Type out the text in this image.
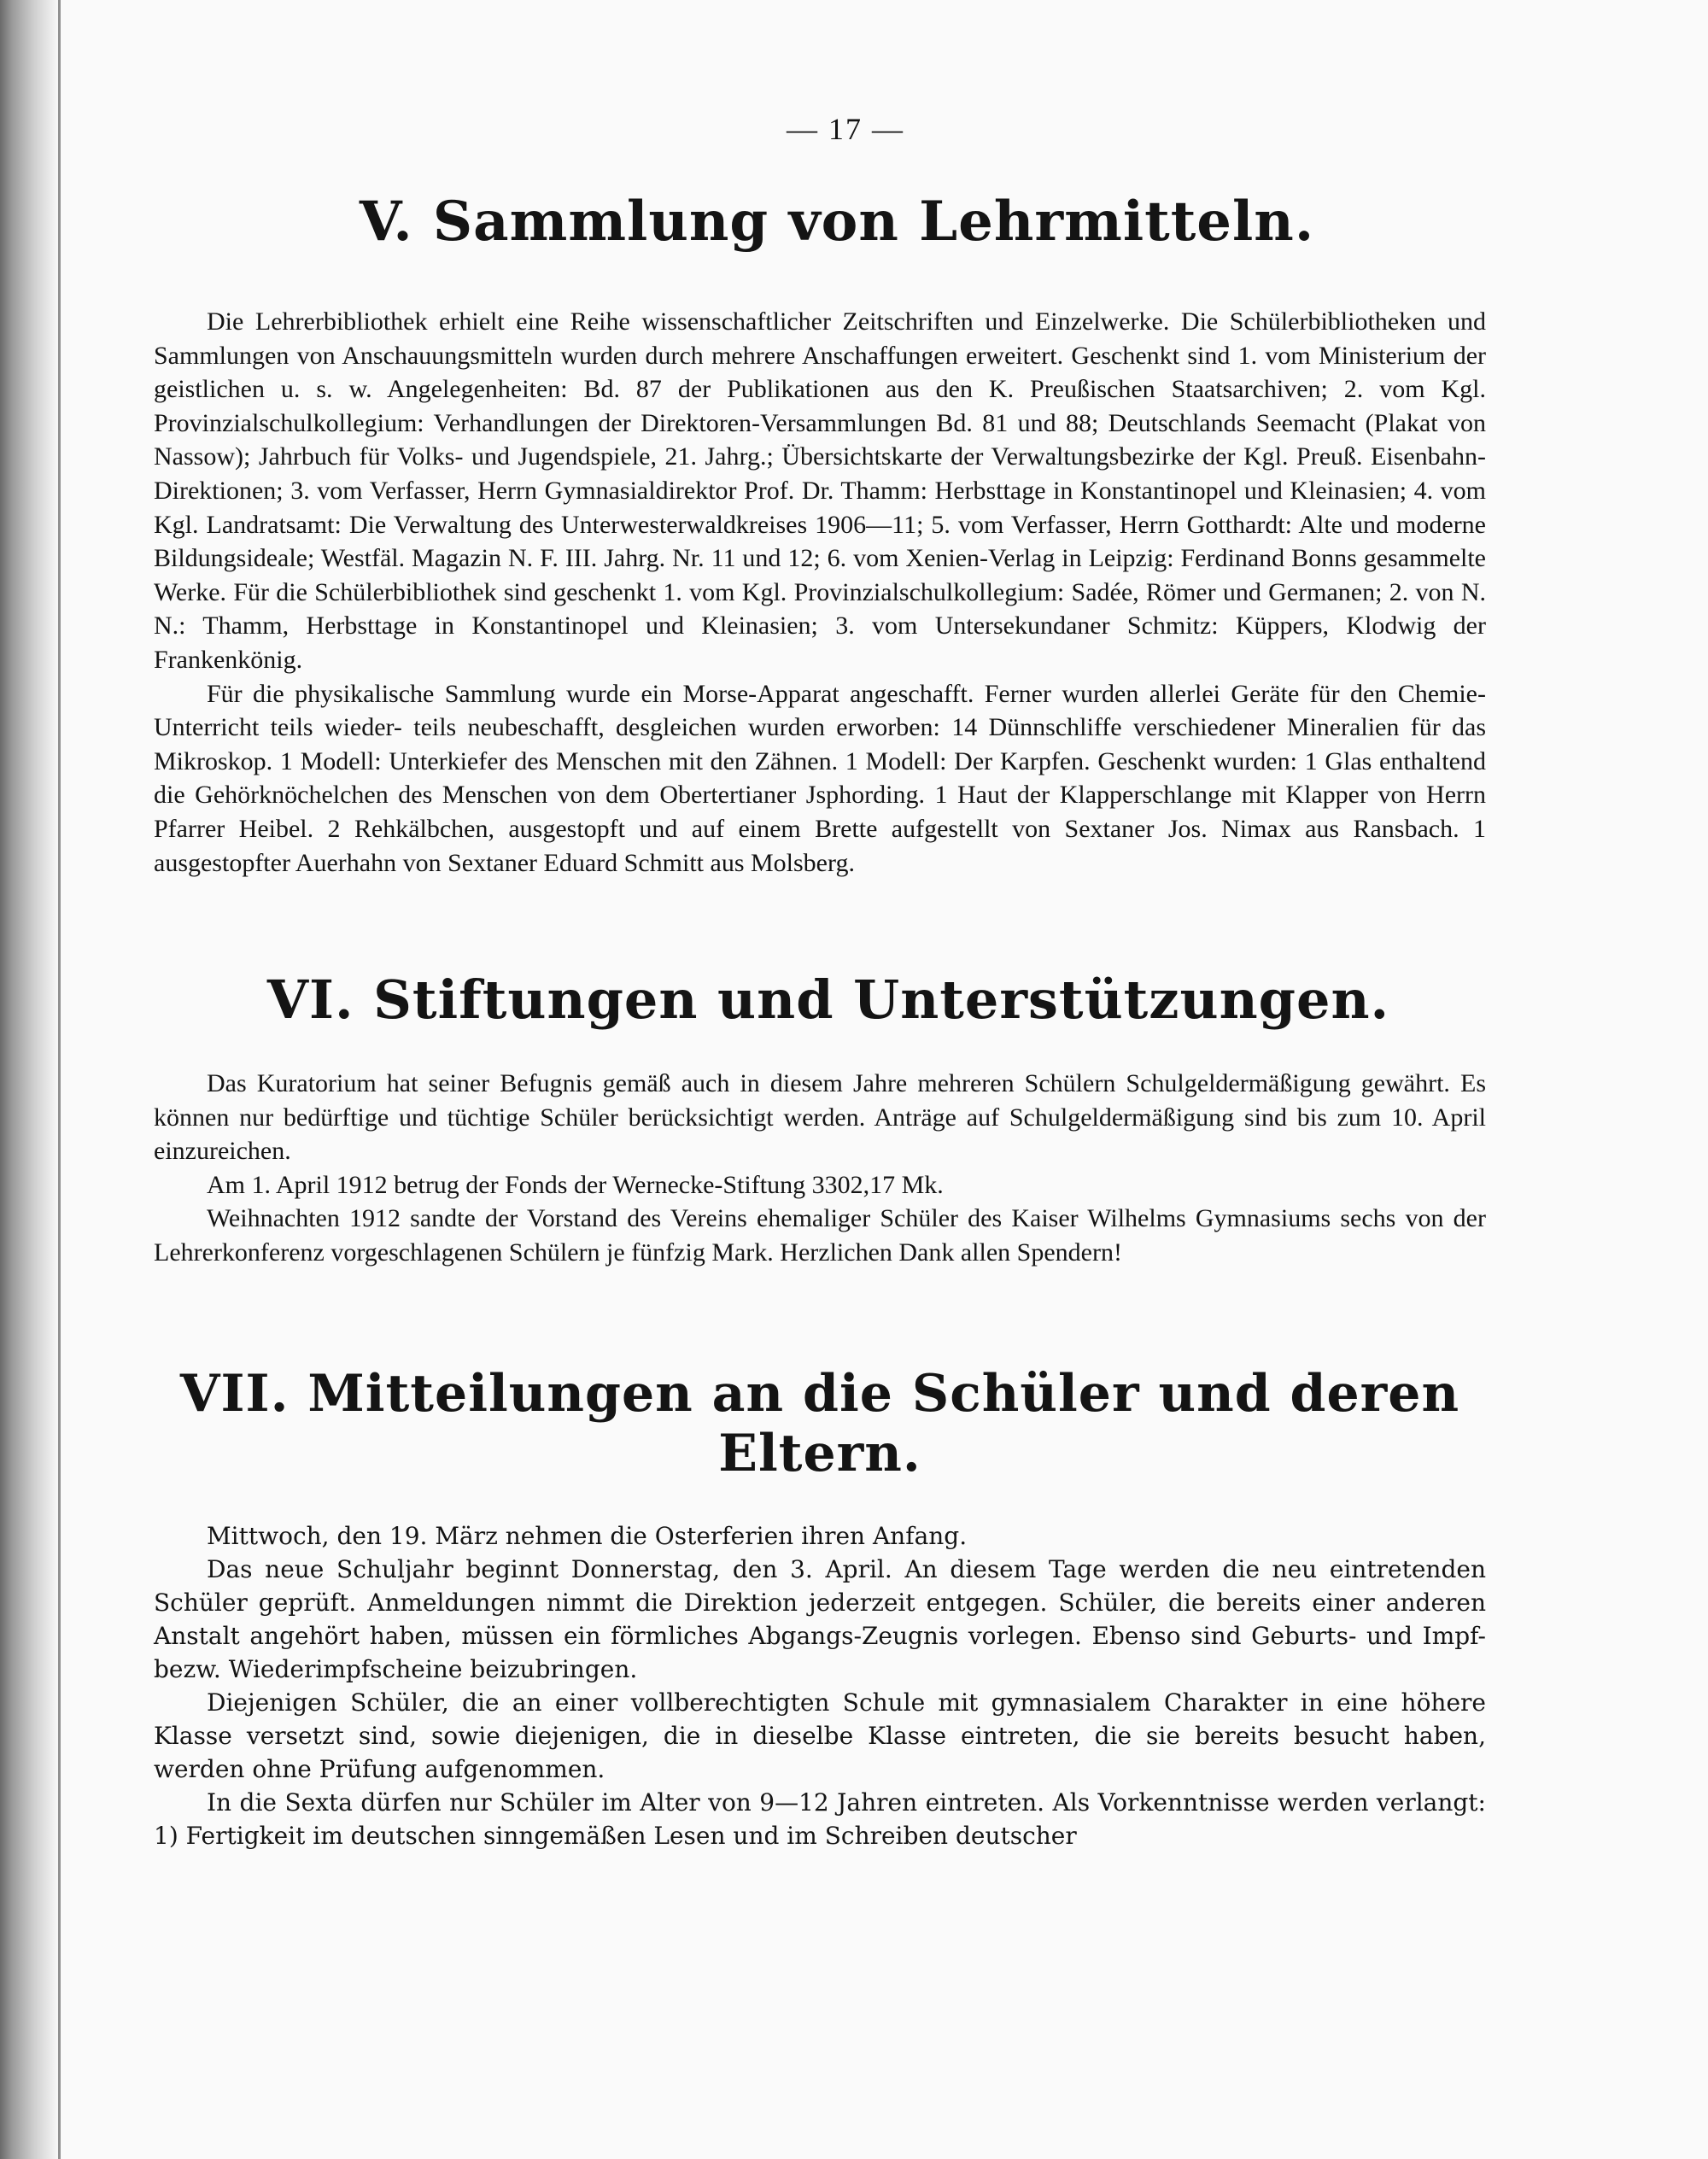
— 17 —
V. Sammlung von Lehrmitteln.

Die Lehrerbibliothek erhielt eine Reihe wissenschaftlicher Zeitschriften und Einzelwerke. Die Schülerbibliotheken und Sammlungen von Anschauungsmitteln wurden durch mehrere Anschaffungen erweitert. Geschenkt sind 1. vom Ministerium der geistlichen u. s. w. Angelegenheiten: Bd. 87 der Publikationen aus den K. Preußischen Staatsarchiven; 2. vom Kgl. Provinzialschulkollegium: Verhandlungen der Direktoren-Versammlungen Bd. 81 und 88; Deutschlands Seemacht (Plakat von Nassow); Jahrbuch für Volks- und Jugendspiele, 21. Jahrg.; Übersichtskarte der Verwaltungsbezirke der Kgl. Preuß. Eisenbahn-Direktionen; 3. vom Verfasser, Herrn Gymnasialdirektor Prof. Dr. Thamm: Herbsttage in Konstantinopel und Kleinasien; 4. vom Kgl. Landratsamt: Die Verwaltung des Unterwesterwaldkreises 1906—11; 5. vom Verfasser, Herrn Gotthardt: Alte und moderne Bildungsideale; Westfäl. Magazin N. F. III. Jahrg. Nr. 11 und 12; 6. vom Xenien-Verlag in Leipzig: Ferdinand Bonns gesammelte Werke. Für die Schülerbibliothek sind geschenkt 1. vom Kgl. Provinzialschulkollegium: Sadée, Römer und Germanen; 2. von N. N.: Thamm, Herbsttage in Konstantinopel und Kleinasien; 3. vom Untersekundaner Schmitz: Küppers, Klodwig der Frankenkönig.

Für die physikalische Sammlung wurde ein Morse-Apparat angeschafft. Ferner wurden allerlei Geräte für den Chemie-Unterricht teils wieder- teils neubeschafft, desgleichen wurden erworben: 14 Dünnschliffe verschiedener Mineralien für das Mikroskop. 1 Modell: Unterkiefer des Menschen mit den Zähnen. 1 Modell: Der Karpfen. Geschenkt wurden: 1 Glas enthaltend die Gehörknöchelchen des Menschen von dem Obertertianer Jsphording. 1 Haut der Klapperschlange mit Klapper von Herrn Pfarrer Heibel. 2 Rehkälbchen, ausgestopft und auf einem Brette aufgestellt von Sextaner Jos. Nimax aus Ransbach. 1 ausgestopfter Auerhahn von Sextaner Eduard Schmitt aus Molsberg.

VI. Stiftungen und Unterstützungen.

Das Kuratorium hat seiner Befugnis gemäß auch in diesem Jahre mehreren Schülern Schulgeldermäßigung gewährt. Es können nur bedürftige und tüchtige Schüler berücksichtigt werden. Anträge auf Schulgeldermäßigung sind bis zum 10. April einzureichen.

Am 1. April 1912 betrug der Fonds der Wernecke-Stiftung 3302,17 Mk.

Weihnachten 1912 sandte der Vorstand des Vereins ehemaliger Schüler des Kaiser Wilhelms Gymnasiums sechs von der Lehrerkonferenz vorgeschlagenen Schülern je fünfzig Mark. Herzlichen Dank allen Spendern!

VII. Mitteilungen an die Schüler und deren Eltern.

Mittwoch, den 19. März nehmen die Osterferien ihren Anfang.

Das neue Schuljahr beginnt Donnerstag, den 3. April. An diesem Tage werden die neu eintretenden Schüler geprüft. Anmeldungen nimmt die Direktion jederzeit entgegen. Schüler, die bereits einer anderen Anstalt angehört haben, müssen ein förmliches Abgangs-Zeugnis vorlegen. Ebenso sind Geburts- und Impf- bezw. Wiederimpfscheine beizubringen.

Diejenigen Schüler, die an einer vollberechtigten Schule mit gymnasialem Charakter in eine höhere Klasse versetzt sind, sowie diejenigen, die in dieselbe Klasse eintreten, die sie bereits besucht haben, werden ohne Prüfung aufgenommen.

In die Sexta dürfen nur Schüler im Alter von 9—12 Jahren eintreten. Als Vorkenntnisse werden verlangt: 1) Fertigkeit im deutschen sinngemäßen Lesen und im Schreiben deutscher
